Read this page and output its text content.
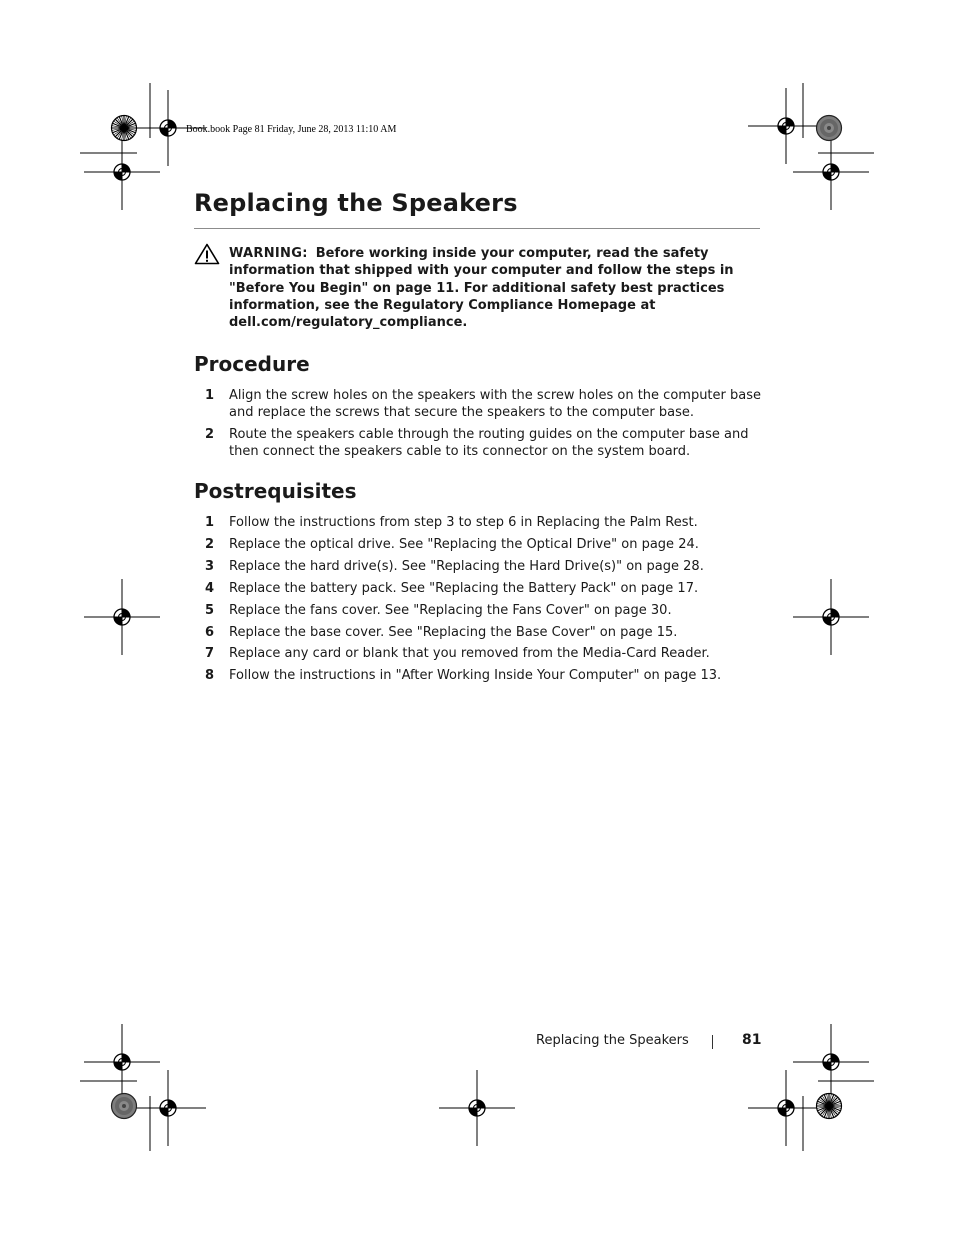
Book.book Page 81 Friday, June 28, 2013 11:10 AM
Replacing the Speakers

WARNING: Before working inside your computer, read the safety information that shipped with your computer and follow the steps in "Before You Begin" on page 11. For additional safety best practices information, see the Regulatory Compliance Homepage at dell.com/regulatory_compliance.

Procedure
1 Align the screw holes on the speakers with the screw holes on the computer base and replace the screws that secure the speakers to the computer base.
2 Route the speakers cable through the routing guides on the computer base and then connect the speakers cable to its connector on the system board.
Postrequisites
1 Follow the instructions from step 3 to step 6 in Replacing the Palm Rest.
2 Replace the optical drive. See "Replacing the Optical Drive" on page 24.
3 Replace the hard drive(s). See "Replacing the Hard Drive(s)" on page 28.
4 Replace the battery pack. See "Replacing the Battery Pack" on page 17.
5 Replace the fans cover. See "Replacing the Fans Cover" on page 30.
6 Replace the base cover. See "Replacing the Base Cover" on page 15.
7 Replace any card or blank that you removed from the Media-Card Reader.
8 Follow the instructions in "After Working Inside Your Computer" on page 13.
Replacing the Speakers	81
